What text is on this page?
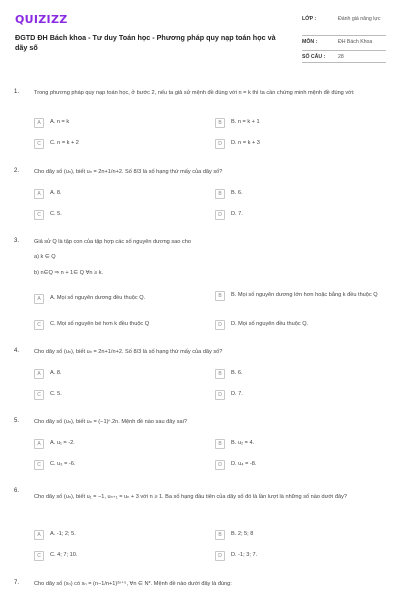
QUIZIZZ
ĐGTD ĐH Bách khoa - Tư duy Toán học - Phương pháp quy nạp toán học và dãy số
LỚP :	Đánh giá năng lực
MÔN :	ĐH Bách Khoa
SỐ CÂU :	28
1.	Trong phương pháp quy nạp toán học, ở bước 2, nếu ta giả sử mệnh đề đúng với n = k thì ta cần chứng minh mệnh đề đúng với:
A	A. n = k	B	B. n = k + 1
C	C. n = k + 2	D	D. n = k + 3
2.	Cho dãy số (uₙ), biết uₙ = 2n+1/n+2. Số 8/3 là số hạng thứ mấy của dãy số?
A	A. 8.	B	B. 6.
C	C. 5.	D	D. 7.
3.	Giả sử Q là tập con của tập hợp các số nguyên dương sao cho
a) k ∈ Q
b) n∈Q ⇒ n + 1∈ Q ∀n ≥ k.
A	A. Mọi số nguyên dương đều thuộc Q.	B	B. Mọi số nguyên dương lớn hơn hoặc bằng k đều thuộc Q
C	C. Mọi số nguyên bé hơn k đều thuộc Q	D	D. Mọi số nguyên đều thuộc Q.
4.	Cho dãy số (uₙ), biết uₙ = 2n+1/n+2. Số 8/3 là số hạng thứ mấy của dãy số?
A	A. 8.	B	B. 6.
C	C. 5.	D	D. 7.
5.	Cho dãy số (uₙ), biết uₙ = (−1)ⁿ.2n. Mệnh đề nào sau đây sai?
A	A. u₁ = -2.	B	B. u₂ = 4.
C	C. u₃ = -6.	D	D. u₄ = -8.
6.
Cho dãy số (uₙ), biết u₁ = −1, uₙ₊₁ = uₙ + 3 với n ≥ 1. Ba số hạng đầu tiên của dãy số đó là lần lượt là những số nào dưới đây?
A	A. -1; 2; 5.	B	B. 2; 5; 8
C	C. 4; 7; 10.	D	D. -1; 3; 7.
7.	Cho dãy số (xₙ) có xₙ = (n−1/n+1)²ⁿ⁺⁵, ∀n ∈ N*. Mệnh đề nào dưới đây là đúng:
